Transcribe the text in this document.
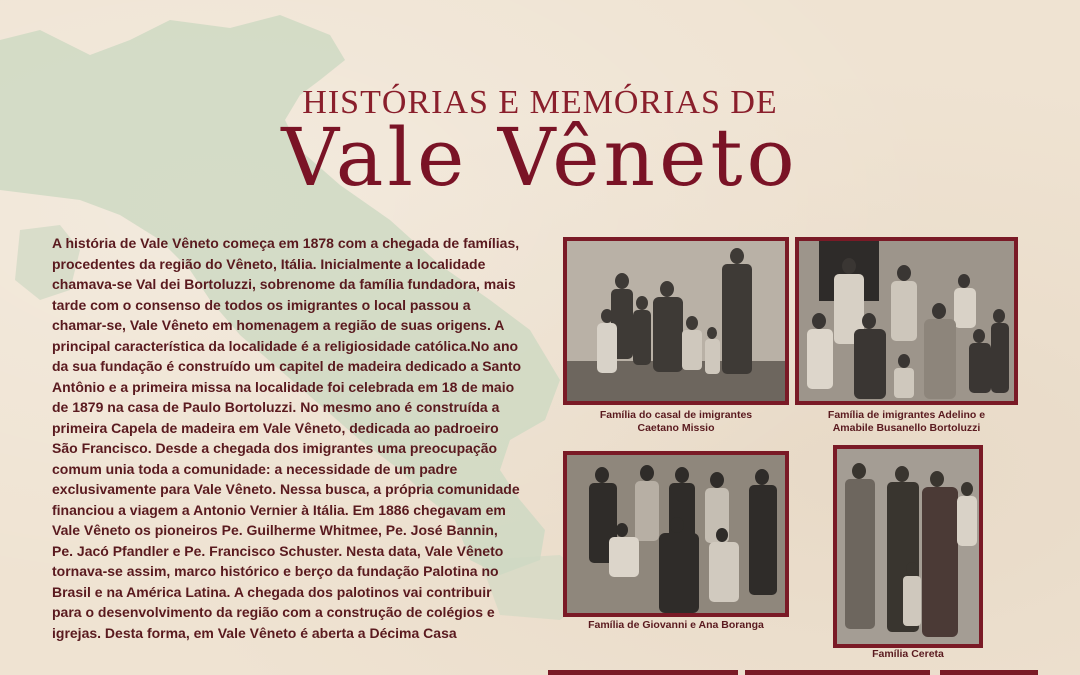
HISTÓRIAS E MEMÓRIAS DE
Vale Vêneto
A história de Vale Vêneto começa em 1878 com a chegada de famílias, procedentes da região do Vêneto, Itália. Inicialmente a localidade chamava-se Val dei Bortoluzzi, sobrenome da família fundadora, mais tarde com o consenso de todos os imigrantes o local passou a chamar-se, Vale Vêneto em homenagem a região de suas origens. A principal característica da localidade é a religiosidade católica.No ano da sua fundação é construído um capitel de madeira dedicado a Santo Antônio e a primeira missa na localidade foi celebrada em 18 de maio de 1879 na casa de Paulo Bortoluzzi. No mesmo ano é construída a primeira Capela de madeira em Vale Vêneto, dedicada ao padroeiro São Francisco. Desde a chegada dos imigrantes uma preocupação comum unia toda a comunidade: a necessidade de um padre exclusivamente para Vale Vêneto. Nessa busca, a própria comunidade financiou a viagem a Antonio Vernier à Itália. Em 1886 chegavam em Vale Vêneto os pioneiros Pe. Guilherme Whitmee, Pe. José Bannin, Pe. Jacó Pfandler e Pe. Francisco Schuster. Nesta data, Vale Vêneto tornava-se assim, marco histórico e berço da fundação Palotina no Brasil e na América Latina. A chegada dos palotinos vai contribuir para o desenvolvimento da região com a construção de colégios e igrejas. Desta forma, em Vale Vêneto é aberta a Décima Casa
Família do casal de imigrantes
Caetano Missio
Família de imigrantes Adelino e
Amabile Busanello Bortoluzzi
Família de Giovanni e Ana Boranga
Família Cereta
